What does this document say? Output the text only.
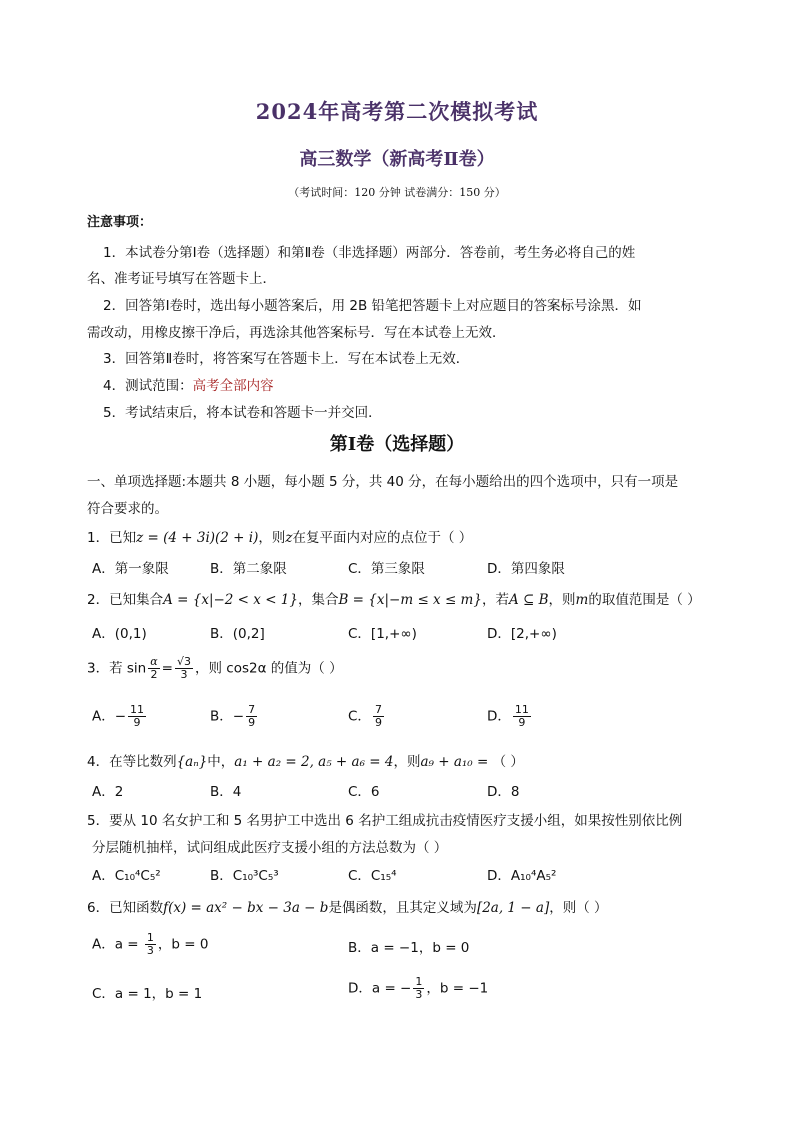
2024年高考第二次模拟考试
高三数学（新高考Ⅱ卷）
（考试时间：120 分钟 试卷满分：150 分）
注意事项：
1．本试卷分第Ⅰ卷（选择题）和第Ⅱ卷（非选择题）两部分．答卷前，考生务必将自己的姓
名、准考证号填写在答题卡上．
2．回答第Ⅰ卷时，选出每小题答案后，用 2B 铅笔把答题卡上对应题目的答案标号涂黑．如
需改动，用橡皮擦干净后，再选涂其他答案标号．写在本试卷上无效．
3．回答第Ⅱ卷时，将答案写在答题卡上．写在本试卷上无效．
4．测试范围：高考全部内容
5．考试结束后，将本试卷和答题卡一并交回．
第Ⅰ卷（选择题）
一、单项选择题:本题共 8 小题，每小题 5 分，共 40 分，在每小题给出的四个选项中，只有一项是
符合要求的。
1．已知z = (4 + 3i)(2 + i)，则z在复平面内对应的点位于（ ）
A．第一象限	B．第二象限	C．第三象限	D．第四象限
2．已知集合A = {x|−2 < x < 1}，集合B = {x|−m ≤ x ≤ m}，若A ⊆ B，则m的取值范围是（ ）
A．(0,1)	B．(0,2]	C．[1,+∞)	D．[2,+∞)
3．若 $\sin \frac{\alpha}{2} = \frac{√3}{3}$ ，则 cos2α 的值为（ ）
A．− $\frac{11}{9}$	B．− $\frac{7}{9}$	C． $\frac{7}{9}$	D． $\frac{11}{9}$
4．在等比数列{aₙ}中，a₁ + a₂ = 2, a₅ + a₆ = 4，则a₉ + a₁₀ = （ ）
A．2	B．4	C．6	D．8
5．要从 10 名女护工和 5 名男护工中选出 6 名护工组成抗击疫情医疗支援小组，如果按性别依比例
分层随机抽样，试问组成此医疗支援小组的方法总数为（ ）
A．C₁₀⁴C₅²	B．C₁₀³C₅³	C．C₁₅⁴	D．A₁₀⁴A₅²
6．已知函数f(x) = ax² − bx − 3a − b是偶函数，且其定义域为[2a, 1 − a]，则（ ）
A．$a = \frac{1}{3}$ ，b = 0	B．a = −1，b = 0
C．a = 1，b = 1	D．a = − $\frac{1}{3}$ ，b = −1
